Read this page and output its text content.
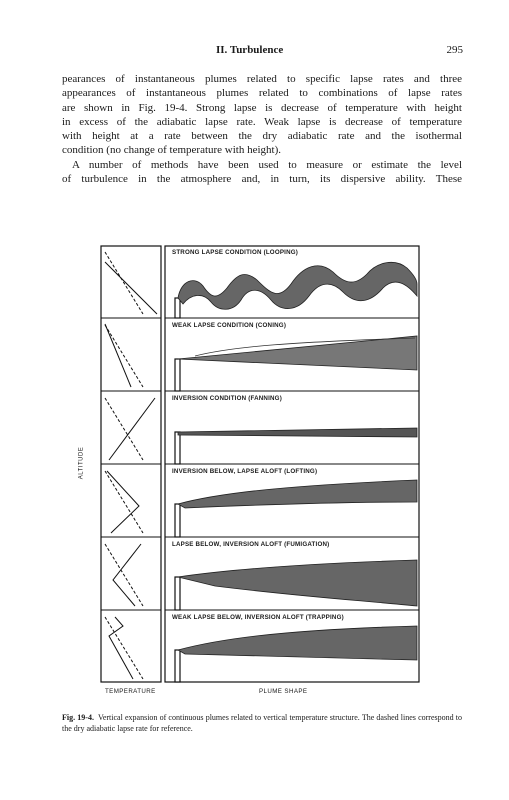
II. Turbulence	295

pearances of instantaneous plumes related to specific lapse rates and three

appearances of instantaneous plumes related to combinations of lapse rates

are shown in Fig. 19-4. Strong lapse is decrease of temperature with height

in excess of the adiabatic lapse rate. Weak lapse is decrease of temperature

with height at a rate between the dry adiabatic rate and the isothermal

condition (no change of temperature with height).

A number of methods have been used to measure or estimate the level

of turbulence in the atmosphere and, in turn, its dispersive ability. These

ALTITUDE
STRONG LAPSE CONDITION (LOOPING)
WEAK LAPSE CONDITION (CONING)
INVERSION CONDITION (FANNING)
INVERSION BELOW, LAPSE ALOFT (LOFTING)
LAPSE BELOW, INVERSION ALOFT (FUMIGATION)
WEAK LAPSE BELOW, INVERSION ALOFT (TRAPPING)
TEMPERATURE	PLUME SHAPE
Fig. 19-4. Vertical expansion of continuous plumes related to vertical temperature structure. The dashed lines correspond to the dry adiabatic lapse rate for reference.
